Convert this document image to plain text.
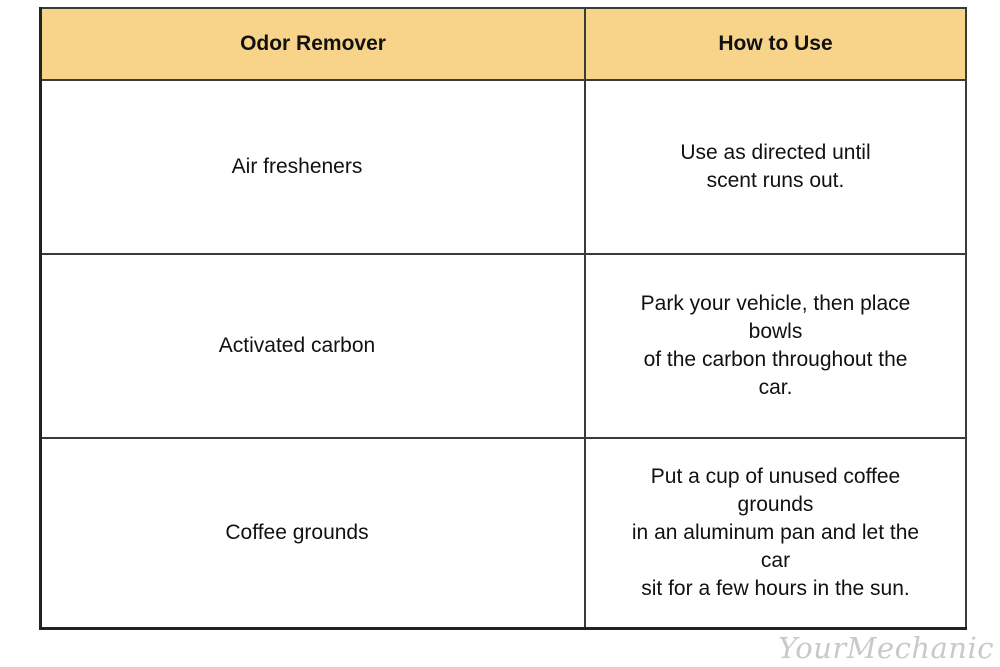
Odor Remover	How to Use
Air fresheners	Use as directed until
scent runs out.
Activated carbon	Park your vehicle, then place bowls
of the carbon throughout the car.
Coffee grounds	Put a cup of unused coffee grounds
in an aluminum pan and let the car
sit for a few hours in the sun.
YourMechanic
